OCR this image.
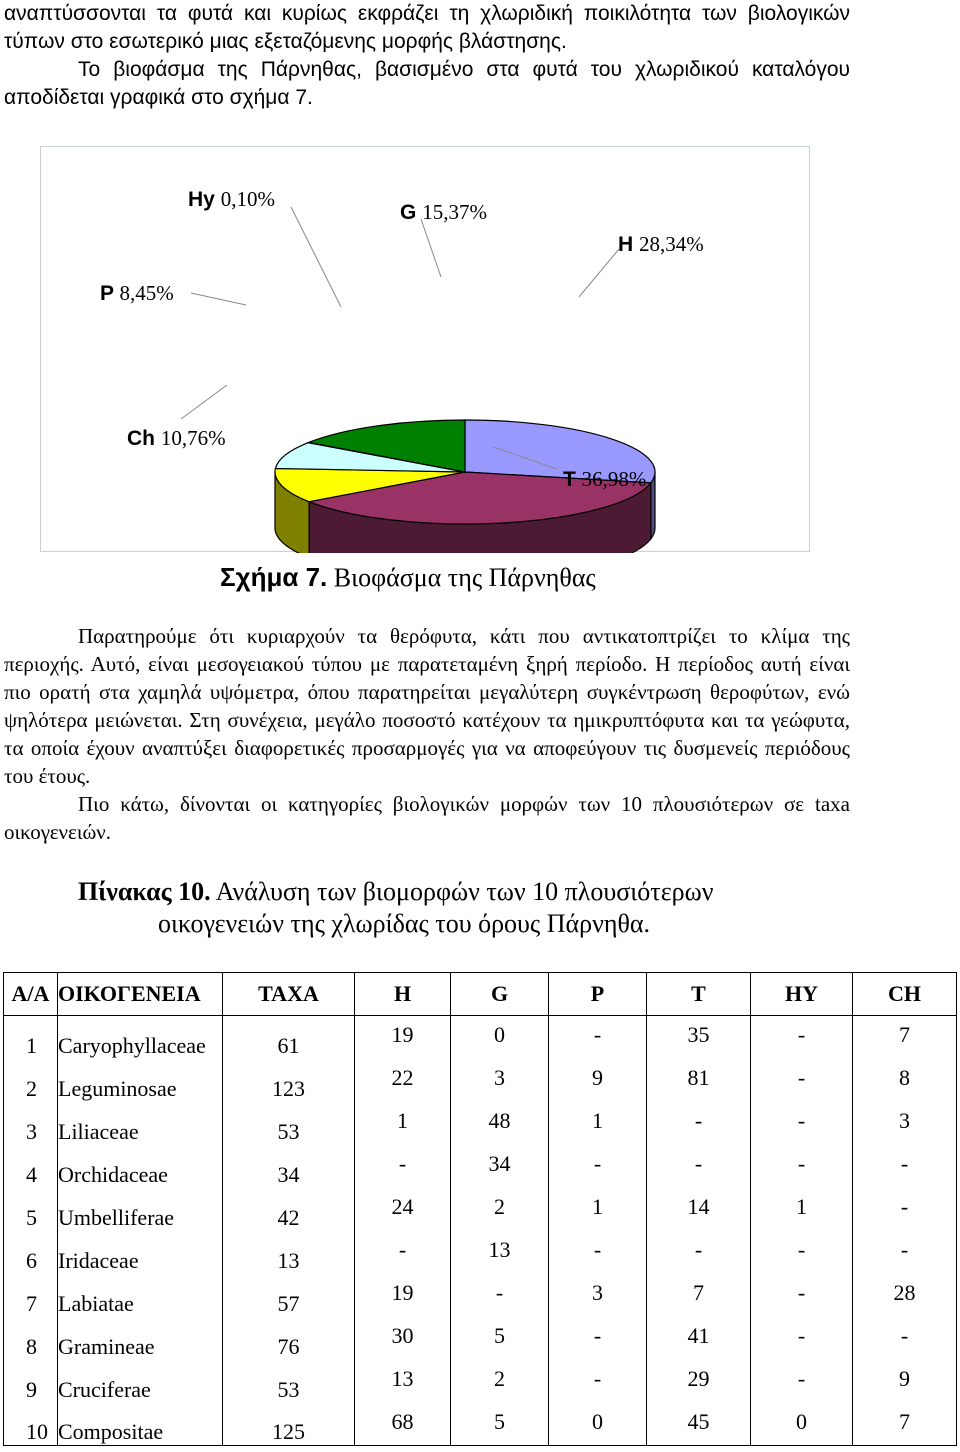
αναπτύσσονται τα φυτά και κυρίως εκφράζει τη χλωριδική ποικιλότητα των βιολογικών τύπων στο εσωτερικό μιας εξεταζόμενης μορφής βλάστησης.

Το βιοφάσμα της Πάρνηθας, βασισμένο στα φυτά του χλωριδικού καταλόγου αποδίδεται γραφικά στο σχήμα 7.

H 28,34%
T 36,98%
Ch 10,76%
P 8,45%
Hy 0,10%
G 15,37%
Σχήμα 7. Βιοφάσμα της Πάρνηθας

Παρατηρούμε ότι κυριαρχούν τα θερόφυτα, κάτι που αντικατοπτρίζει το κλίμα της περιοχής. Αυτό, είναι μεσογειακού τύπου με παρατεταμένη ξηρή περίοδο. Η περίοδος αυτή είναι πιο ορατή στα χαμηλά υψόμετρα, όπου παρατηρείται μεγαλύτερη συγκέντρωση θεροφύτων, ενώ ψηλότερα μειώνεται. Στη συνέχεια, μεγάλο ποσοστό κατέχουν τα ημικρυπτόφυτα και τα γεώφυτα, τα οποία έχουν αναπτύξει διαφορετικές προσαρμογές για να αποφεύγουν τις δυσμενείς περιόδους του έτους.

Πιο κάτω, δίνονται οι κατηγορίες βιολογικών μορφών των 10 πλουσιότερων σε taxa οικογενειών.

Πίνακας 10. Ανάλυση των βιομορφών των 10 πλουσιότερων
οικογενειών της χλωρίδας του όρους Πάρνηθα.
Α/Α	ΟΙΚΟΓΕΝΕΙΑ	TAXA	H	G	P	T	HY	CH
1	Caryophyllaceae	61	19	0	-	35	-	7
2	Leguminosae	123	22	3	9	81	-	8
3	Liliaceae	53	1	48	1	-	-	3
4	Orchidaceae	34	-	34	-	-	-	-
5	Umbelliferae	42	24	2	1	14	1	-
6	Iridaceae	13	-	13	-	-	-	-
7	Labiatae	57	19	-	3	7	-	28
8	Gramineae	76	30	5	-	41	-	-
9	Cruciferae	53	13	2	-	29	-	9
10	Compositae	125	68	5	0	45	0	7
